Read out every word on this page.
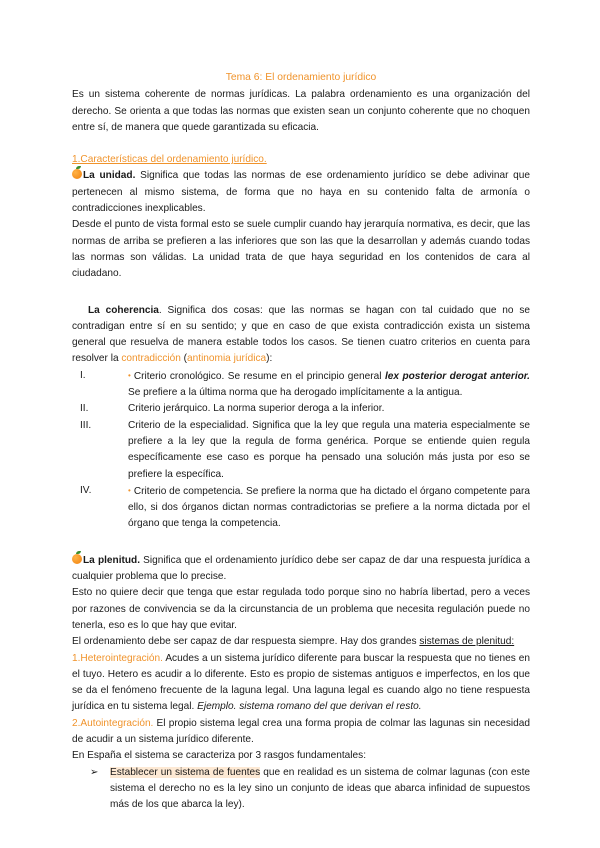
Tema 6: El ordenamiento jurídico

Es un sistema coherente de normas jurídicas. La palabra ordenamiento es una organización del derecho. Se orienta a que todas las normas que existen sean un conjunto coherente que no choquen entre sí, de manera que quede garantizada su eficacia.

1.Características del ordenamiento jurídico.

La unidad. Significa que todas las normas de ese ordenamiento jurídico se debe adivinar que pertenecen al mismo sistema, de forma que no haya en su contenido falta de armonía o contradicciones inexplicables.

Desde el punto de vista formal esto se suele cumplir cuando hay jerarquía normativa, es decir, que las normas de arriba se prefieren a las inferiores que son las que la desarrollan y además cuando todas las normas son válidas. La unidad trata de que haya seguridad en los contenidos de cara al ciudadano.

La coherencia. Significa dos cosas: que las normas se hagan con tal cuidado que no se contradigan entre sí en su sentido; y que en caso de que exista contradicción exista un sistema general que resuelva de manera estable todos los casos. Se tienen cuatro criterios en cuenta para resolver la contradicción (antinomia jurídica):

I.	• Criterio cronológico. Se resume en el principio general lex posterior derogat anterior. Se prefiere a la última norma que ha derogado implícitamente a la antigua.
II.	Criterio jerárquico. La norma superior deroga a la inferior.
III.	Criterio de la especialidad. Significa que la ley que regula una materia especialmente se prefiere a la ley que la regula de forma genérica. Porque se entiende quien regula específicamente ese caso es porque ha pensado una solución más justa por eso se prefiere la específica.
IV.	• Criterio de competencia. Se prefiere la norma que ha dictado el órgano competente para ello, si dos órganos dictan normas contradictorias se prefiere a la norma dictada por el órgano que tenga la competencia.

La plenitud. Significa que el ordenamiento jurídico debe ser capaz de dar una respuesta jurídica a cualquier problema que lo precise.

Esto no quiere decir que tenga que estar regulada todo porque sino no habría libertad, pero a veces por razones de convivencia se da la circunstancia de un problema que necesita regulación puede no tenerla, eso es lo que hay que evitar.

El ordenamiento debe ser capaz de dar respuesta siempre. Hay dos grandes sistemas de plenitud:

1.Heterointegración. Acudes a un sistema jurídico diferente para buscar la respuesta que no tienes en el tuyo. Hetero es acudir a lo diferente. Esto es propio de sistemas antiguos e imperfectos, en los que se da el fenómeno frecuente de la laguna legal. Una laguna legal es cuando algo no tiene respuesta jurídica en tu sistema legal. Ejemplo. sistema romano del que derivan el resto.

2.Autointegración. El propio sistema legal crea una forma propia de colmar las lagunas sin necesidad de acudir a un sistema jurídico diferente.

En España el sistema se caracteriza por 3 rasgos fundamentales:

➢ Establecer un sistema de fuentes que en realidad es un sistema de colmar lagunas (con este sistema el derecho no es la ley sino un conjunto de ideas que abarca infinidad de supuestos más de los que abarca la ley).
